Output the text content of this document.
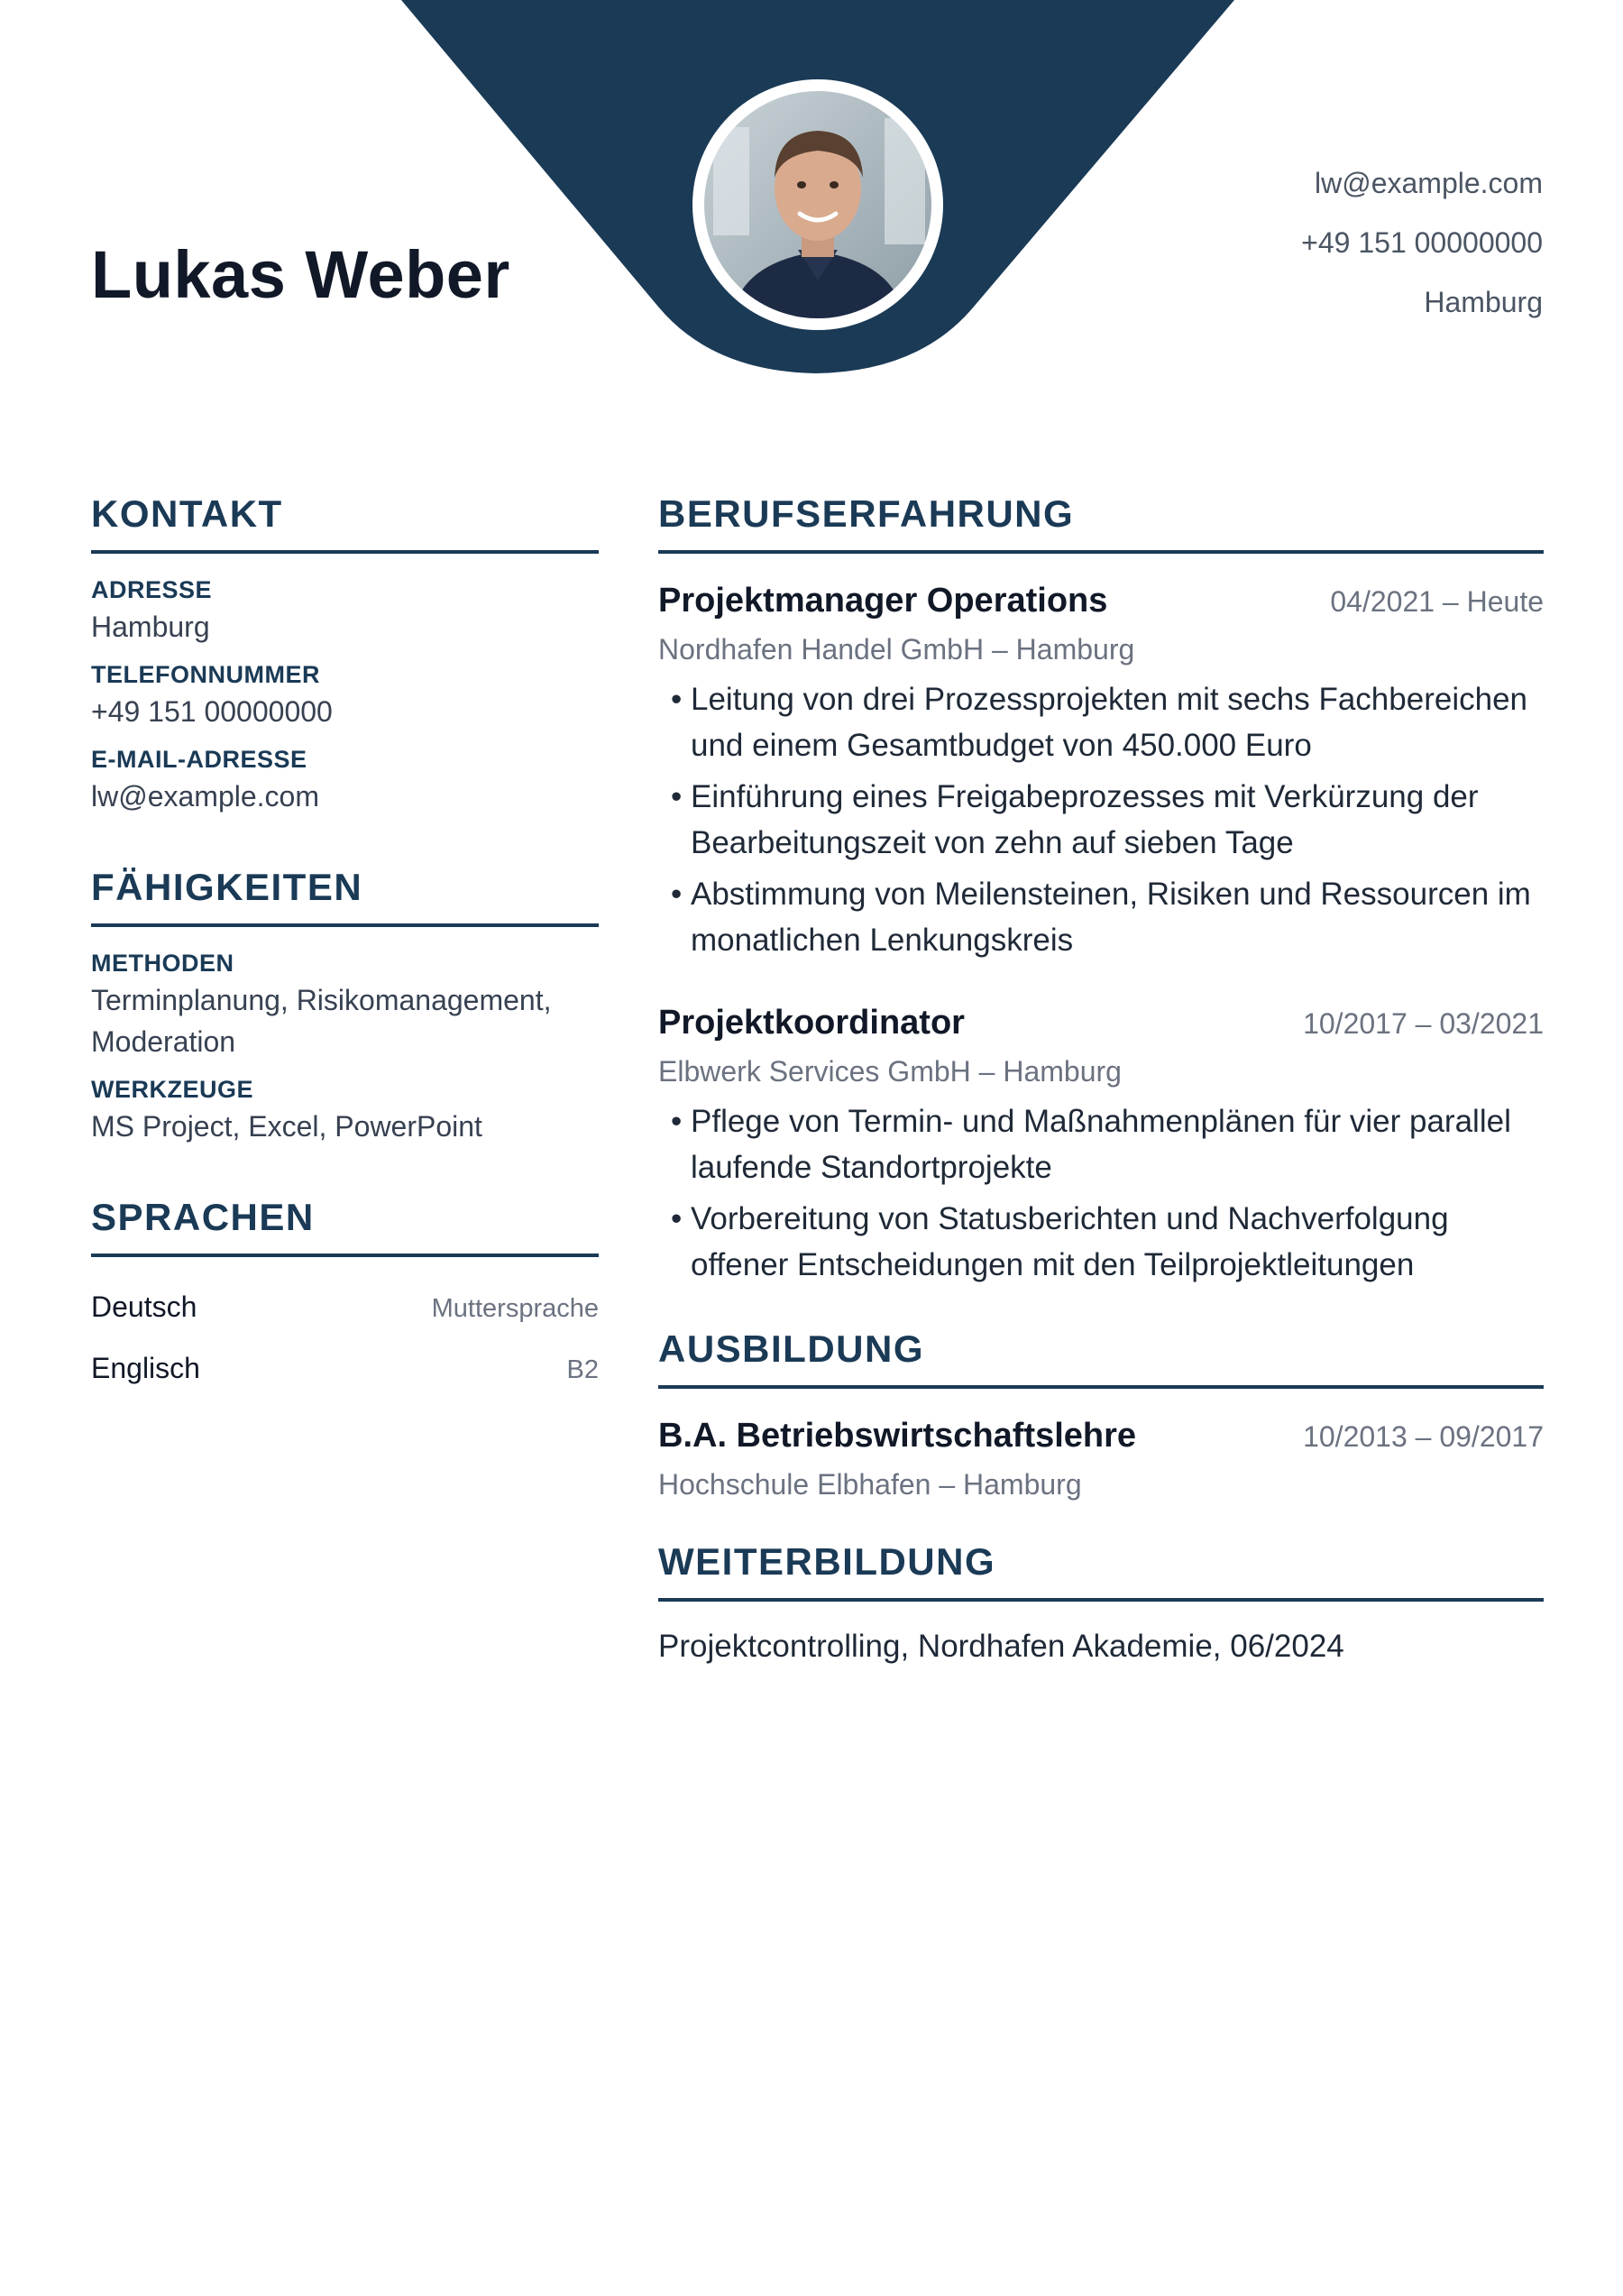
Lukas Weber
lw@example.com
+49 151 00000000
Hamburg
KONTAKT
ADRESSE
Hamburg
TELEFONNUMMER
+49 151 00000000
E-MAIL-ADRESSE
lw@example.com
FÄHIGKEITEN
METHODEN
Terminplanung, Risikomanagement, Moderation
WERKZEUGE
MS Project, Excel, PowerPoint
SPRACHEN
Deutsch	Muttersprache
Englisch	B2
BERUFSERFAHRUNG
Projektmanager Operations	04/2021 – Heute
Nordhafen Handel GmbH – Hamburg
• Leitung von drei Prozessprojekten mit sechs Fachbereichen und einem Gesamtbudget von 450.000 Euro
• Einführung eines Freigabeprozesses mit Verkürzung der Bearbeitungszeit von zehn auf sieben Tage
• Abstimmung von Meilensteinen, Risiken und Ressourcen im monatlichen Lenkungskreis
Projektkoordinator	10/2017 – 03/2021
Elbwerk Services GmbH – Hamburg
• Pflege von Termin- und Maßnahmenplänen für vier parallel laufende Standortprojekte
• Vorbereitung von Statusberichten und Nachverfolgung offener Entscheidungen mit den Teilprojektleitungen
AUSBILDUNG
B.A. Betriebswirtschaftslehre	10/2013 – 09/2017
Hochschule Elbhafen – Hamburg
WEITERBILDUNG
Projektcontrolling, Nordhafen Akademie, 06/2024
